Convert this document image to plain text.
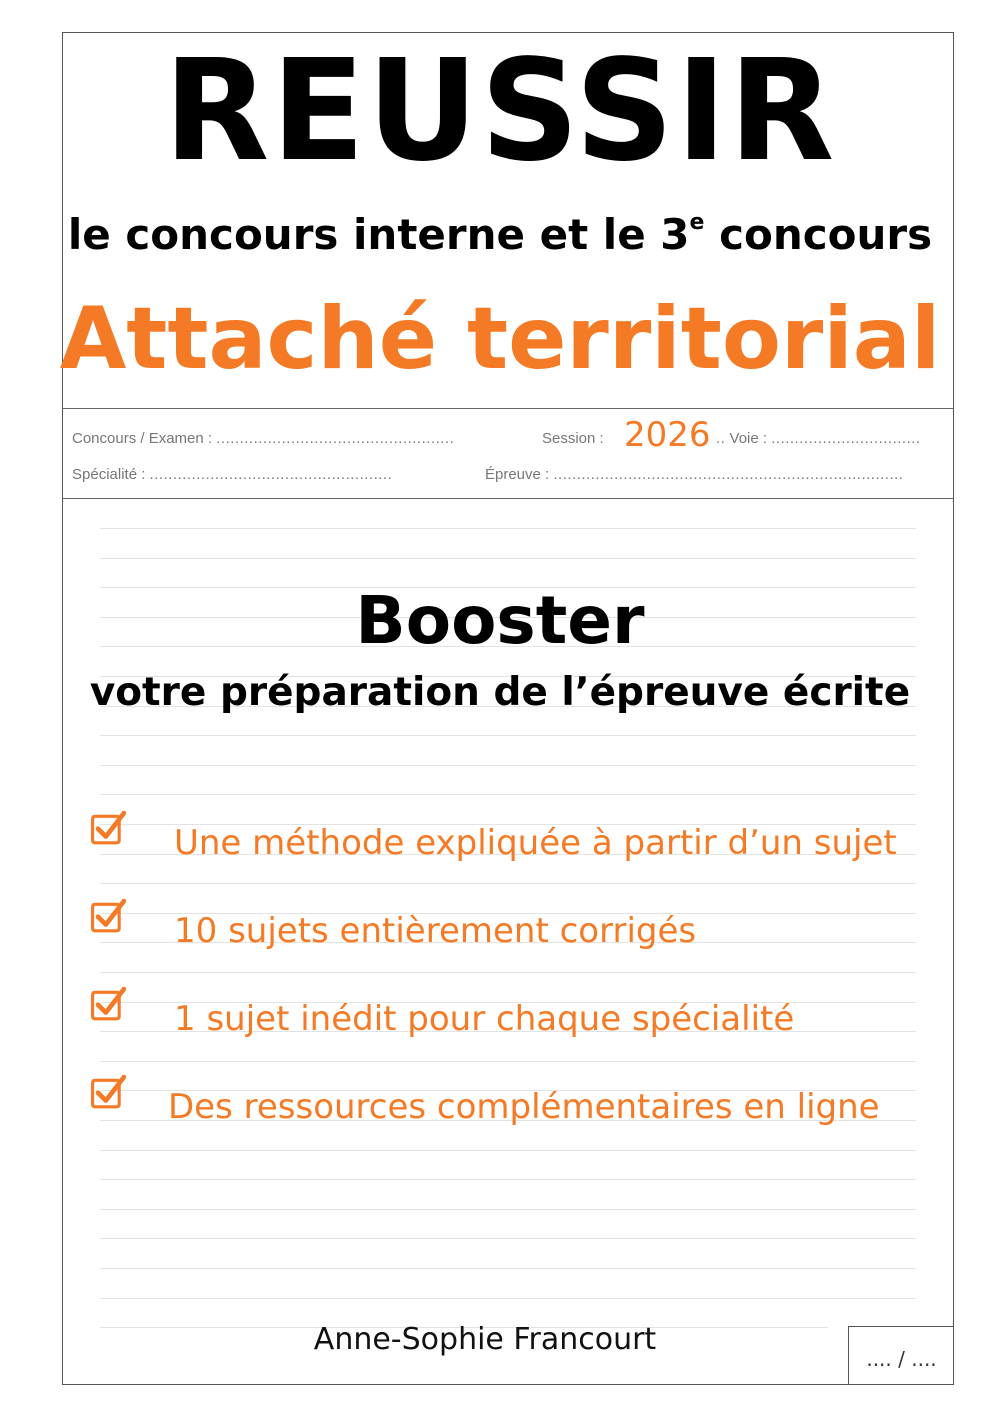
REUSSIR
le concours interne et le 3e concours
Attaché territorial
Concours / Examen : ...................................................	Session : 2026 .. Voie : ................................
Spécialité : ....................................................	Épreuve : ...........................................................................
Booster
votre préparation de l’épreuve écrite
Une méthode expliquée à partir d’un sujet
10 sujets entièrement corrigés
1 sujet inédit pour chaque spécialité
Des ressources complémentaires en ligne
Anne-Sophie Francourt
.... / ....
